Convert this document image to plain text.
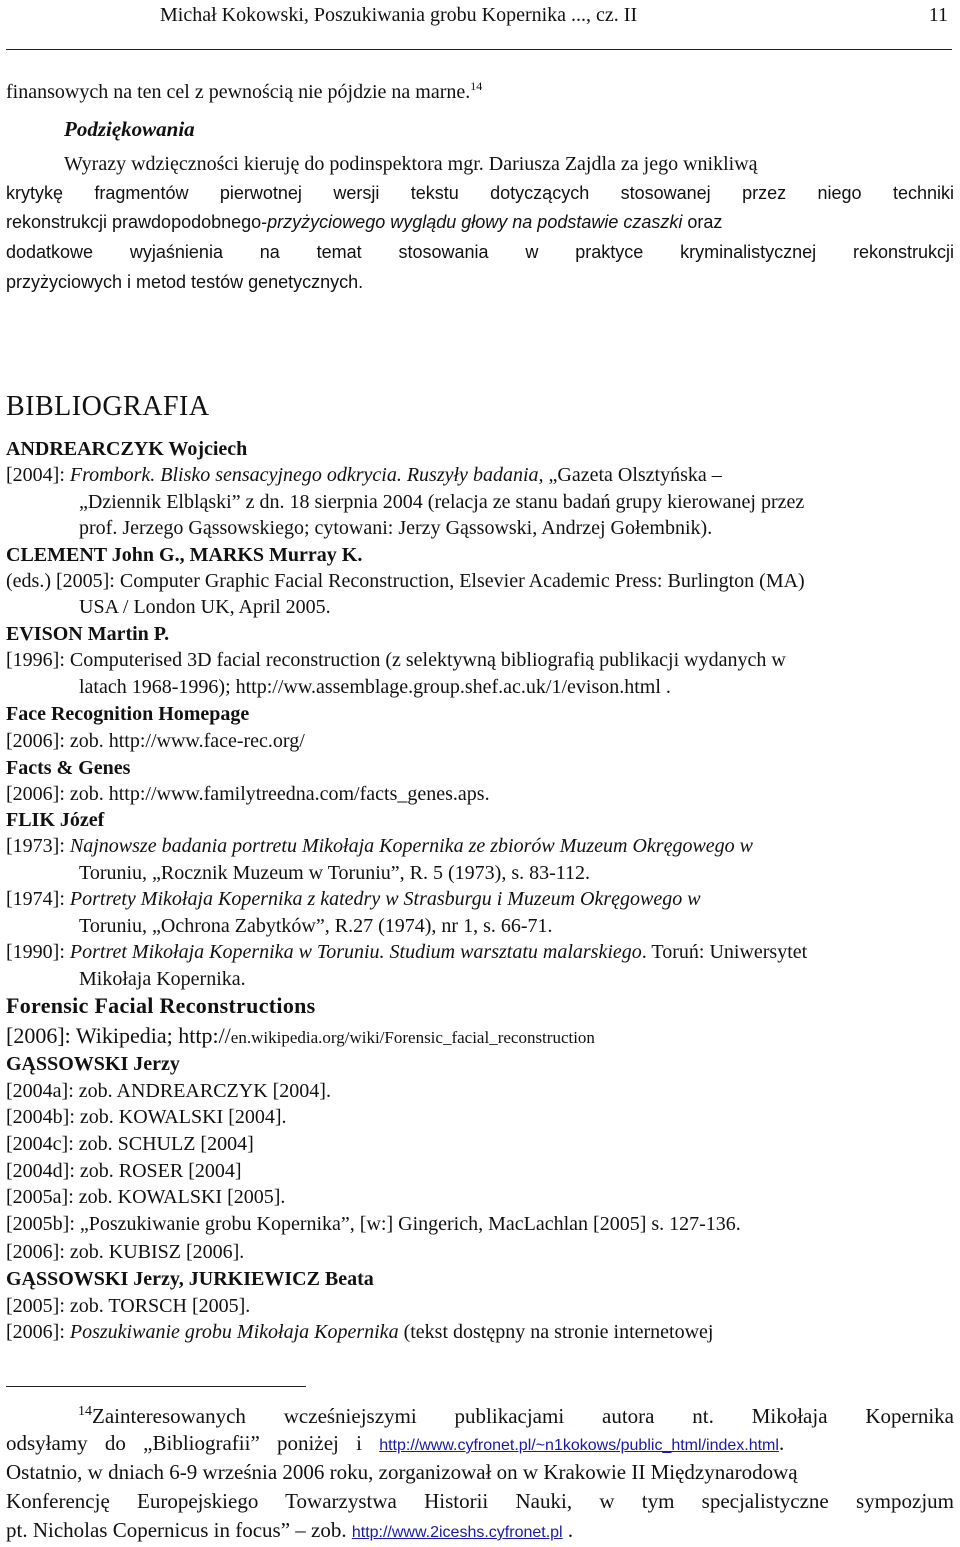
Michał Kokowski, Poszukiwania grobu Kopernika ..., cz. II	11
finansowych na ten cel z pewnością nie pójdzie na marne.$^{14}$
Podziękowania
Wyrazy wdzięczności kieruję do podinspektora mgr. Dariusza Zajdla za jego wnikliwą
krytykę fragmentów pierwotnej wersji tekstu dotyczących stosowanej przez niego techniki
rekonstrukcji prawdopodobnego-przyżyciowego wyglądu głowy na podstawie czaszki oraz
dodatkowe wyjaśnienia na temat stosowania w praktyce kryminalistycznej rekonstrukcji
przyżyciowych i metod testów genetycznych.
BIBLIOGRAFIA
ANDREARCZYK Wojciech
[2004]: Frombork. Blisko sensacyjnego odkrycia. Ruszyły badania, „Gazeta Olsztyńska –
„Dziennik Elbląski” z dn. 18 sierpnia 2004 (relacja ze stanu badań grupy kierowanej przez
prof. Jerzego Gąssowskiego; cytowani: Jerzy Gąssowski, Andrzej Gołembnik).
CLEMENT John G., MARKS Murray K.
(eds.) [2005]: Computer Graphic Facial Reconstruction, Elsevier Academic Press: Burlington (MA)
USA / London UK, April 2005.
EVISON Martin P.
[1996]: Computerised 3D facial reconstruction (z selektywną bibliografią publikacji wydanych w
latach 1968-1996); http://ww.assemblage.group.shef.ac.uk/1/evison.html .
Face Recognition Homepage
[2006]: zob. http://www.face-rec.org/
Facts & Genes
[2006]: zob. http://www.familytreedna.com/facts_genes.aps.
FLIK Józef
[1973]: Najnowsze badania portretu Mikołaja Kopernika ze zbiorów Muzeum Okręgowego w
Toruniu, „Rocznik Muzeum w Toruniu”, R. 5 (1973), s. 83-112.
[1974]: Portrety Mikołaja Kopernika z katedry w Strasburgu i Muzeum Okręgowego w
Toruniu, „Ochrona Zabytków”, R.27 (1974), nr 1, s. 66-71.
[1990]: Portret Mikołaja Kopernika w Toruniu. Studium warsztatu malarskiego. Toruń: Uniwersytet
Mikołaja Kopernika.
Forensic Facial Reconstructions
[2006]: Wikipedia; http://en.wikipedia.org/wiki/Forensic_facial_reconstruction
GĄSSOWSKI Jerzy
[2004a]: zob. ANDREARCZYK [2004].
[2004b]: zob. KOWALSKI [2004].
[2004c]: zob. SCHULZ [2004]
[2004d]: zob. ROSER [2004]
[2005a]: zob. KOWALSKI [2005].
[2005b]: „Poszukiwanie grobu Kopernika”, [w:] Gingerich, MacLachlan [2005] s. 127-136.
[2006]: zob. KUBISZ [2006].
GĄSSOWSKI Jerzy, JURKIEWICZ Beata
[2005]: zob. TORSCH [2005].
[2006]: Poszukiwanie grobu Mikołaja Kopernika (tekst dostępny na stronie internetowej
$^{14}$Zainteresowanych wcześniejszymi publikacjami autora nt. Mikołaja Kopernika
odsyłamy do „Bibliografii” poniżej i http://www.cyfronet.pl/~n1kokows/public_html/index.html.
Ostatnio, w dniach 6-9 września 2006 roku, zorganizował on w Krakowie II Międzynarodową
Konferencję Europejskiego Towarzystwa Historii Nauki, w tym specjalistyczne sympozjum
pt. Nicholas Copernicus in focus” – zob. http://www.2iceshs.cyfronet.pl .
